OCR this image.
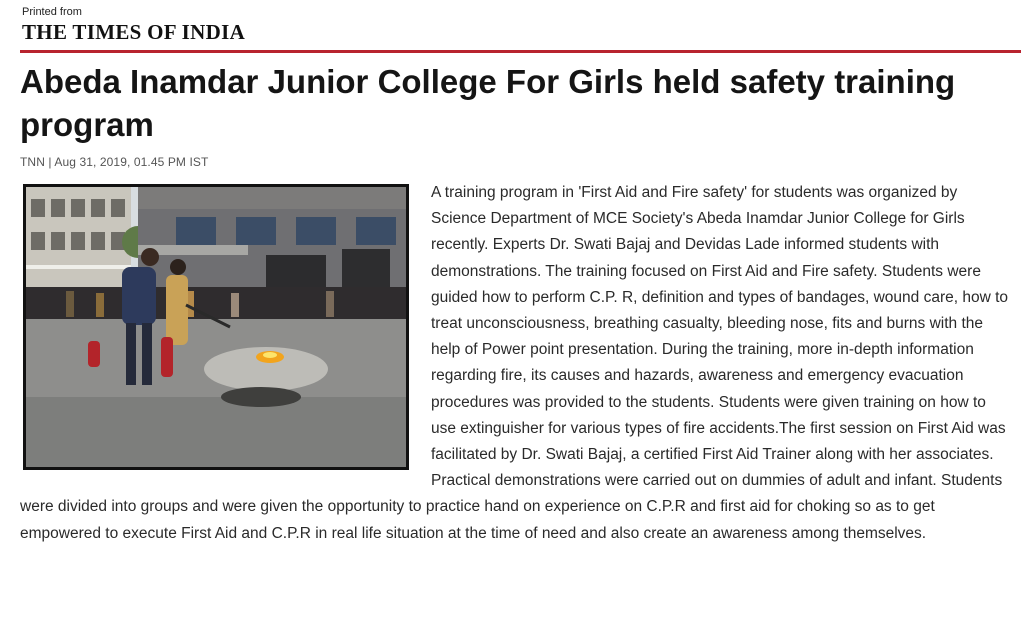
Printed from
THE TIMES OF INDIA
Abeda Inamdar Junior College For Girls held safety training program
TNN | Aug 31, 2019, 01.45 PM IST

A training program in 'First Aid and Fire safety' for students was organized by Science Department of MCE Society's Abeda Inamdar Junior College for Girls recently. Experts Dr. Swati Bajaj and Devidas Lade informed students with demonstrations. The training focused on First Aid and Fire safety. Students were guided how to perform C.P. R, definition and types of bandages, wound care, how to treat unconsciousness, breathing casualty, bleeding nose, fits and burns with the help of Power point presentation. During the training, more in-depth information regarding fire, its causes and hazards, awareness and emergency evacuation procedures was provided to the students. Students were given training on how to use extinguisher for various types of fire accidents.The first session on First Aid was facilitated by Dr. Swati Bajaj, a certified First Aid Trainer along with her associates. Practical demonstrations were carried out on dummies of adult and infant. Students were divided into groups and were given the opportunity to practice hand on experience on C.P.R and first aid for choking so as to get empowered to execute First Aid and C.P.R in real life situation at the time of need and also create an awareness among themselves.
